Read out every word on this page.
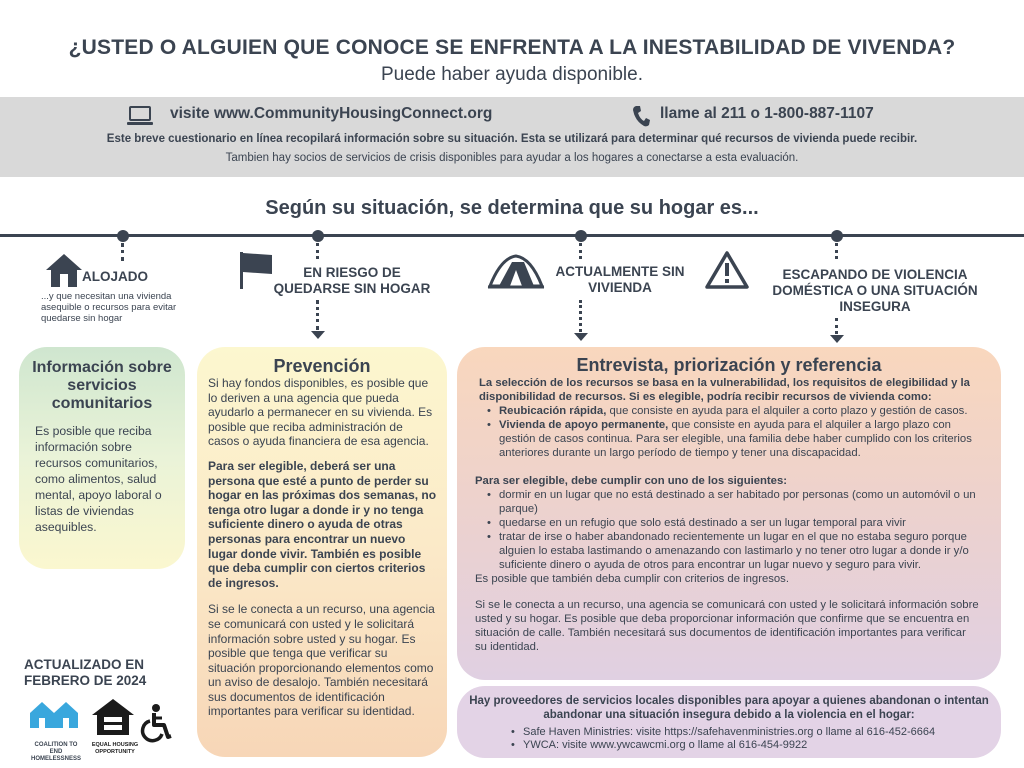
¿USTED O ALGUIEN QUE CONOCE SE ENFRENTA A LA INESTABILIDAD DE VIVENDA?
Puede haber ayuda disponible.
visite www.CommunityHousingConnect.org	llame al 211 o 1-800-887-1107
Este breve cuestionario en línea recopilará información sobre su situación. Esta se utilizará para determinar qué recursos de vivienda puede recibir.
Tambien hay socios de servicios de crisis disponibles para ayudar a los hogares a conectarse a esta evaluación.
Según su situación, se determina que su hogar es...
ALOJADO
...y que necesitan una vivienda asequible o recursos para evitar quedarse sin hogar
EN RIESGO DE
QUEDARSE SIN HOGAR
ACTUALMENTE SIN
VIVIENDA
ESCAPANDO DE VIOLENCIA
DOMÉSTICA O UNA SITUACIÓN
INSEGURA
Información sobre servicios comunitarios
Es posible que reciba información sobre recursos comunitarios, como alimentos, salud mental, apoyo laboral o listas de viviendas asequibles.
Prevención
Si hay fondos disponibles, es posible que lo deriven a una agencia que pueda ayudarlo a permanecer en su vivienda. Es posible que reciba administración de casos o ayuda financiera de esa agencia.
Para ser elegible, deberá ser una persona que esté a punto de perder su hogar en las próximas dos semanas, no tenga otro lugar a donde ir y no tenga suficiente dinero o ayuda de otras personas para encontrar un nuevo lugar donde vivir. También es posible que deba cumplir con ciertos criterios de ingresos.
Si se le conecta a un recurso, una agencia se comunicará con usted y le solicitará información sobre usted y su hogar. Es posible que tenga que verificar su situación proporcionando elementos como un aviso de desalojo. También necesitará sus documentos de identificación importantes para verificar su identidad.
Entrevista, priorización y referencia
La selección de los recursos se basa en la vulnerabilidad, los requisitos de elegibilidad y la disponibilidad de recursos. Si es elegible, podría recibir recursos de vivienda como:
• Reubicación rápida, que consiste en ayuda para el alquiler a corto plazo y gestión de casos.
• Vivienda de apoyo permanente, que consiste en ayuda para el alquiler a largo plazo con gestión de casos continua. Para ser elegible, una familia debe haber cumplido con los criterios anteriores durante un largo período de tiempo y tener una discapacidad.
Para ser elegible, debe cumplir con uno de los siguientes:
• dormir en un lugar que no está destinado a ser habitado por personas (como un automóvil o un parque)
• quedarse en un refugio que solo está destinado a ser un lugar temporal para vivir
• tratar de irse o haber abandonado recientemente un lugar en el que no estaba seguro porque alguien lo estaba lastimando o amenazando con lastimarlo y no tener otro lugar a donde ir y/o suficiente dinero o ayuda de otros para encontrar un lugar nuevo y seguro para vivir.
Es posible que también deba cumplir con criterios de ingresos.
Si se le conecta a un recurso, una agencia se comunicará con usted y le solicitará información sobre usted y su hogar. Es posible que deba proporcionar información que confirme que se encuentra en situación de calle. También necesitará sus documentos de identificación importantes para verificar su identidad.
Hay proveedores de servicios locales disponibles para apoyar a quienes abandonan o intentan abandonar una situación insegura debido a la violencia en el hogar:
• Safe Haven Ministries: visite https://safehavenministries.org o llame al 616-452-6664
• YWCA: visite www.ywcawcmi.org o llame al 616-454-9922
ACTUALIZADO EN
FEBRERO DE 2024
COALITION TO END
HOMELESSNESS
EQUAL HOUSING
OPPORTUNITY
